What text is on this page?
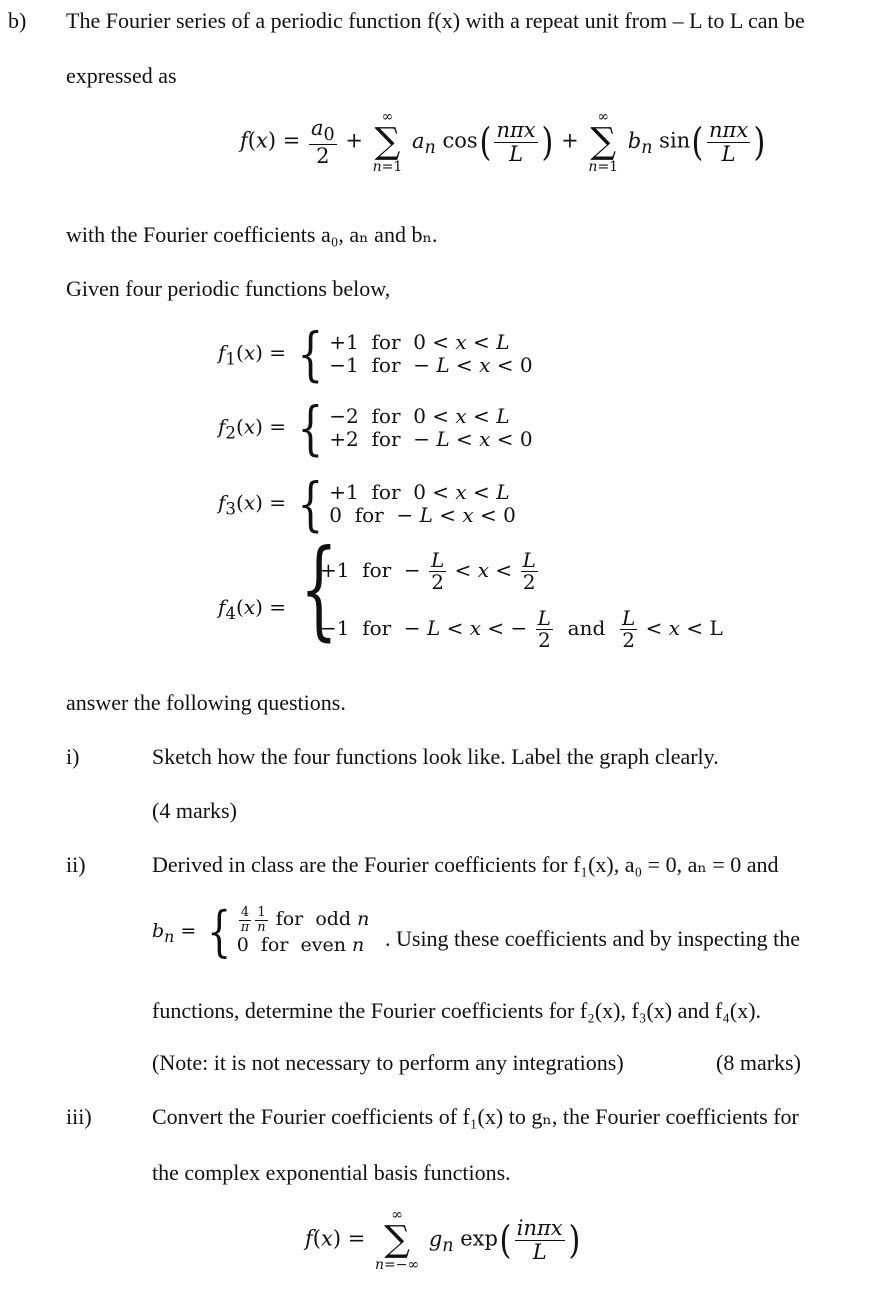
b) The Fourier series of a periodic function f(x) with a repeat unit from – L to L can be
expressed as
$f(x) = \frac{a_0}{2}$ +
∞
∑
n=1
$a_n$ $\cos( \frac{\text{nπx}}{L}$ ) +
∞
∑
n=1
$b_n$ $\sin( \frac{\text{nπx}}{L}$ )
with the Fourier coefficients a₀, aₙ and bₙ.
Given four periodic functions below,
$f_1(x)$ = { +1  for  0 < x < L
−1  for  − L < x < 0
$f_2(x)$ = { −2  for  0 < x < L
+2  for  − L < x < 0
$f_3(x)$ = { +1  for  0 < x < L
0  for  − L < x < 0
$f_4(x)$ = {
+1  for  − $\frac{L}{2} < x < \frac{L}{2}$
−1  for  − L < x < − $\frac{L}{2}$ and $\frac{L}{2} < x < L$
answer the following questions.
i)	Sketch how the four functions look like. Label the graph clearly.
(4 marks)
ii)	Derived in class are the Fourier coefficients for f₁(x), a₀ = 0, aₙ = 0 and
$b_n$ = { $\frac{4}{\pi} \frac{1}{n}$ for  odd n
0  for  even n . Using these coefficients and by inspecting the
functions, determine the Fourier coefficients for f₂(x), f₃(x) and f₄(x).
(Note: it is not necessary to perform any integrations)	(8 marks)
iii)	Convert the Fourier coefficients of f₁(x) to gₙ, the Fourier coefficients for
the complex exponential basis functions.
f(x) =
∞
∑
n=−∞
$g_n$ $\exp( \frac{\text{inπx}}{L}$ )
